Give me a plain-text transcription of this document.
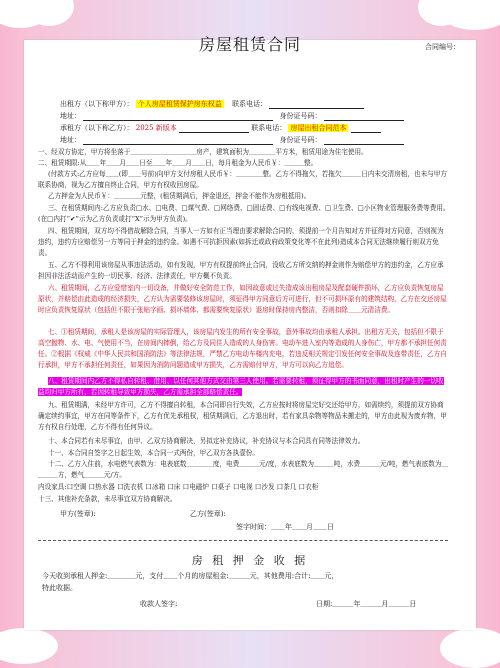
房屋租赁合同	合同编号：
出租方（以下称甲方）： 个人房屋租赁保护房东权益 联系电话：
地址：	身份证号码：
承租方（以下称乙方）： 2025 新版本	联系电话： 房屋出租合同范本
地址：	身份证号码：
一、经双方协定，甲方将坐落于＿＿＿＿＿＿＿＿＿＿房产，建筑面积为＿＿＿＿平方米，租赁用途为住宅使用。
二、租赁期限:从＿＿年＿＿月＿＿日至＿＿年＿＿月＿＿日，每月租金为人民币￥：＿＿＿整。
(付款方式:乙方应每＿＿(即＿＿号前)向甲方支付房租人民币￥：＿＿＿＿整。乙方不得拖欠，若拖欠＿＿＿日内未交清房租，也未与甲方联系协商，视为乙方擅自终止合同，甲方有权收回房屋。
乙方押金为人民币￥：＿＿＿＿元整，(租赁期满后，押金退还，押金不能作为房租抵用)。
三、在租赁期间内:乙方应负责□水、□电费、□煤气费、□网络费、□固话费、□有线电视费、□卫生费、□小区物业管理服务费等费用。(在□内打“✔”示为乙方负责或打“X”示为甲方负责)。
四、租赁期间，双方均不得借故解除合同，当事人一方如有正当理由要求解除合同的，须提前一个月告知对方并征得对方同意，否则视为违约，违约方应赔偿另一方等同于押金的违约金。如遇不可抗拒因素(如拆迁或政府政策变化等不在此列)造成本合同无法继续履行则双方免责。
五、乙方不得利用该房屋从事违法活动，如有发现，甲方有权提前终止合同，没收乙方所交纳的押金则作为赔偿甲方的违约金，乙方应承担因非法活动而产生的一切民事、经济、法律责任，甲方概不负责。
六、租赁期间，乙方应爱惜室内一切设备，并做好安全防范工作，如因故意或过失造成该出租房屋及配套硬件损坏，乙方应负责恢复房屋原状，并赔偿由此造成的经济损失，乙方认为需要装修该房屋时，须征得甲方同意后方可进行，但不可损坏原有的建筑结构，乙方在交还房屋时应负责恢复原状（包括但不限于张贴字画、损坏墙体、都需要恢复原状）退房时保持房内整洁，否则扣除＿＿元清洁费。
七、①租赁期间，承租人是该房屋的实际管理人，该房屋内发生的所有安全事故，意外事故均由承租人承担。出租方无关，包括但不限于高空抛物、水、电、气使用不当，在房间内摔倒，给乙方及同住人造成的人身伤害。电动车进入室内等造成的人身伤亡，甲方都不承担任何责任。②根据《权威《中华人民共和国消防法》等法律法规，严禁乙方电动车楼内充电，若违反相关规定引发任何安全事故及连带责任，乙方自行承担，甲方不承担任何责任，如果因为消防问题造成甲方损失，乙方需赔付甲方，甲方可以向乙方追偿。
八、租赁期间内乙方不得私自转租、借用、以任何其他方式交由第三人使用。若需要转租，须征得甲方的书面同意，出租时产生的一切收益均归甲方所有，若因转租导致甲方损失，乙方需承担全部赔偿责任。
九、租赁期满，未经甲方许可，乙方不得擅自转租，本合同即自行失效，乙方应按时将房屋完好交还给甲方，如需续约，须提前双方协商确定续约事宜，甲方在同等条件下，乙方有优先承租权，租赁期满后，乙方退出时，若有家具杂物等物品未搬走的，甲方由此视为废弃物，甲方有权自行处理，乙方不得有任何异议。
十、本合同若有未尽事宜，由甲、乙双方协商解决，另拟定补充协议，补充协议与本合同具有同等法律效力。
十一、本合同自签字之日起生效，本合同一式两份，甲乙双方各执壹份。
十二、乙方入住前，水电燃气表数为：电表底数＿＿＿＿度，电费＿＿＿元/度，水表底数为＿＿＿吨，水费＿＿＿元/吨，燃气表底数为＿＿＿＿方，燃气＿＿＿元/方。
内设家具:口空调 口热水器 口洗衣机 口冰箱 口床 口电磁炉 口桌子 口电视 口沙发 口茶几 口衣柜
十三、其他补充条款，未尽事宜双方协商解决。
甲方(签章):	乙方(签章):
签字时间：＿＿年＿＿月＿＿日
房 租 押 金 收 据
今天收到承租人押金:＿＿＿＿元，支付＿＿个月的房屋租金:＿＿＿元，其他费用:合计:＿＿元，
特此收据。
收款人签字:	日期:＿＿＿年＿＿＿月＿＿＿日
